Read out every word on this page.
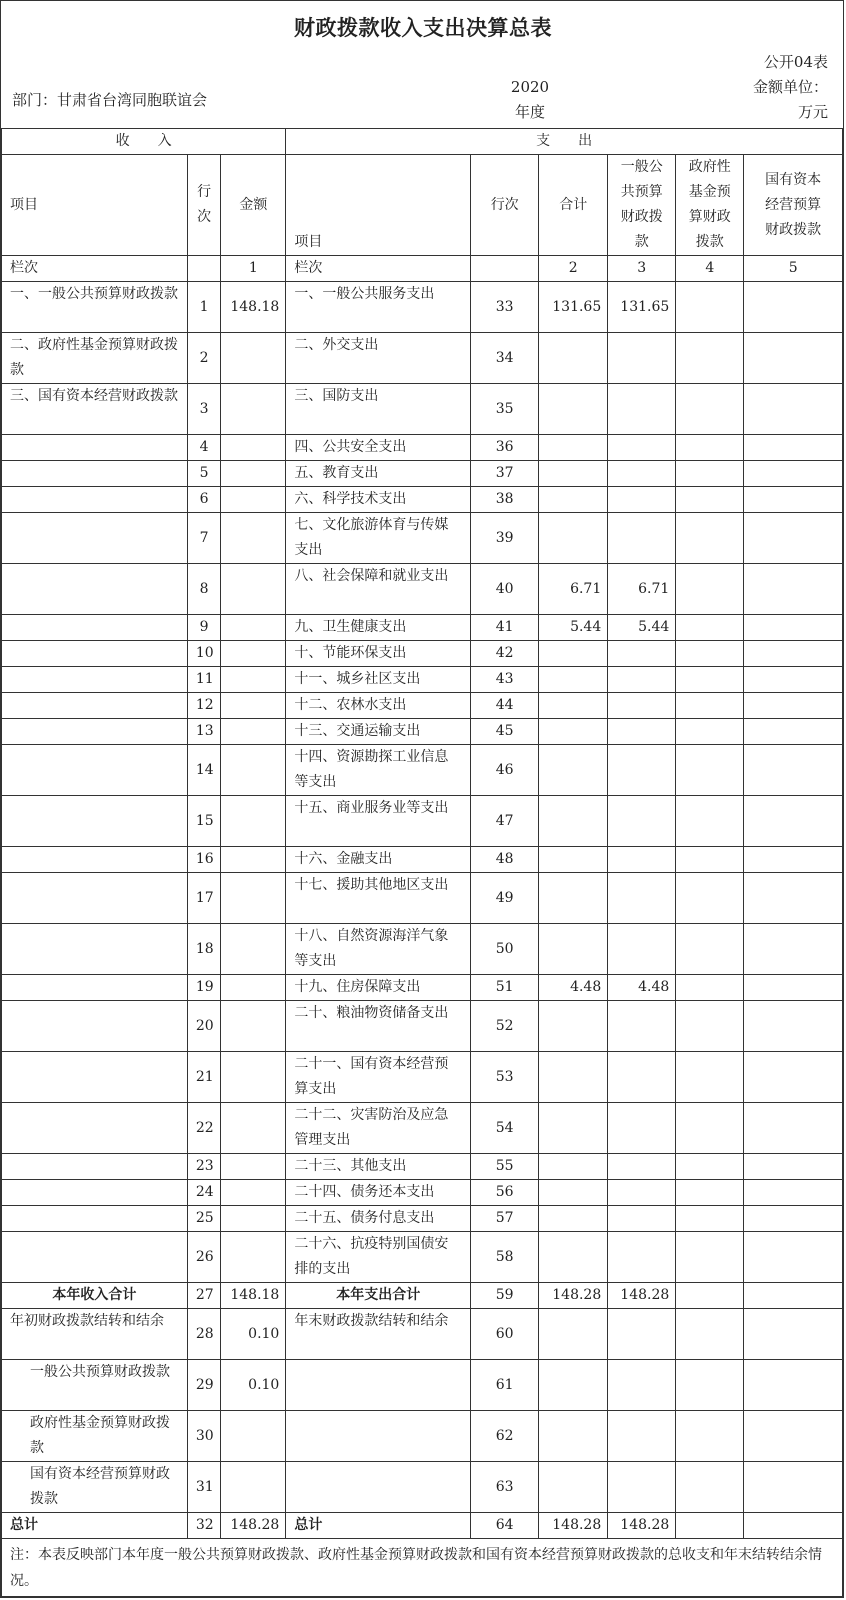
财政拨款收入支出决算总表
公开04表
部门：甘肃省台湾同胞联谊会
2020
年度
金额单位：
万元
收　　入			支　　出					
项目	行次	金额	项目	行次	合计	一般公共预算财政拨款	政府性基金预算财政拨款	国有资本经营预算财政拨款
栏次		1	栏次		2	3	4	5
一、一般公共预算财政拨款	1	148.18	一、一般公共服务支出	33	131.65	131.65		
二、政府性基金预算财政拨款	2		二、外交支出	34				
三、国有资本经营财政拨款	3		三、国防支出	35				
	4		四、公共安全支出	36				
	5		五、教育支出	37				
	6		六、科学技术支出	38				
	7		七、文化旅游体育与传媒支出	39				
	8		八、社会保障和就业支出	40	6.71	6.71		
	9		九、卫生健康支出	41	5.44	5.44		
	10		十、节能环保支出	42				
	11		十一、城乡社区支出	43				
	12		十二、农林水支出	44				
	13		十三、交通运输支出	45				
	14		十四、资源勘探工业信息等支出	46				
	15		十五、商业服务业等支出	47				
	16		十六、金融支出	48				
	17		十七、援助其他地区支出	49				
	18		十八、自然资源海洋气象等支出	50				
	19		十九、住房保障支出	51	4.48	4.48		
	20		二十、粮油物资储备支出	52				
	21		二十一、国有资本经营预算支出	53				
	22		二十二、灾害防治及应急管理支出	54				
	23		二十三、其他支出	55				
	24		二十四、债务还本支出	56				
	25		二十五、债务付息支出	57				
	26		二十六、抗疫特别国债安排的支出	58				
本年收入合计	27	148.18	本年支出合计	59	148.28	148.28		
年初财政拨款结转和结余	28	0.10	年末财政拨款结转和结余	60				
一般公共预算财政拨款	29	0.10		61				
政府性基金预算财政拨款	30			62				
国有资本经营预算财政拨款	31			63				
总计	32	148.28	总计	64	148.28	148.28		
注：本表反映部门本年度一般公共预算财政拨款、政府性基金预算财政拨款和国有资本经营预算财政拨款的总收支和年末结转结余情况。								
